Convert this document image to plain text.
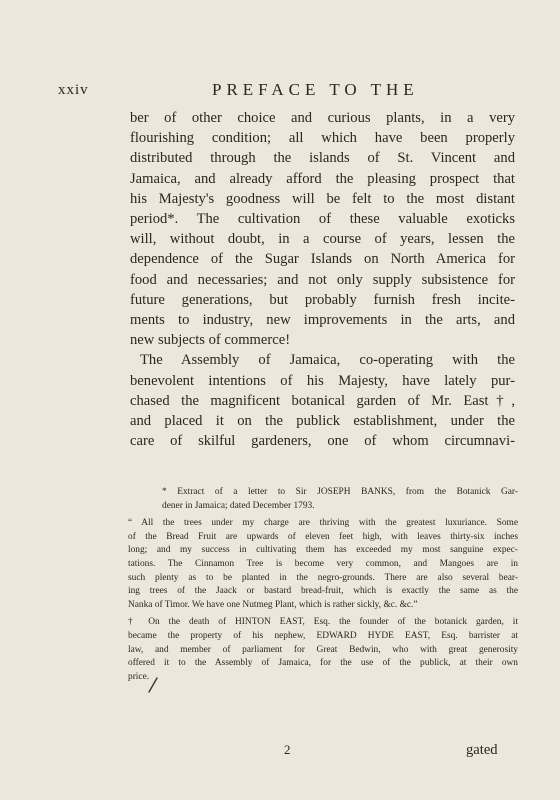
xxiv	PREFACE TO THE
ber of other choice and curious plants, in a very
flourishing condition; all which have been properly
distributed through the islands of St. Vincent and
Jamaica, and already afford the pleasing prospect that
his Majesty's goodness will be felt to the most distant
period*. The cultivation of these valuable exoticks
will, without doubt, in a course of years, lessen the
dependence of the Sugar Islands on North America for
food and necessaries; and not only supply subsistence for
future generations, but probably furnish fresh incite-
ments to industry, new improvements in the arts, and
new subjects of commerce!
The Assembly of Jamaica, co-operating with the
benevolent intentions of his Majesty, have lately pur-
chased the magnificent botanical garden of Mr. East†,
and placed it on the publick establishment, under the
care of skilful gardeners, one of whom circumnavi-
* Extract of a letter to Sir JOSEPH BANKS, from the Botanick Gar-
dener in Jamaica; dated December 1793.
“ All the trees under my charge are thriving with the greatest luxuriance. Some
of the Bread Fruit are upwards of eleven feet high, with leaves thirty-six inches
long; and my success in cultivating them has exceeded my most sanguine expec-
tations. The Cinnamon Tree is become very common, and Mangoes are in
such plenty as to be planted in the negro-grounds. There are also several bear-
ing trees of the Jaack or bastard bread-fruit, which is exactly the same as the
Nanka of Timor. We have one Nutmeg Plant, which is rather sickly, &c. &c.”
† On the death of HINTON EAST, Esq. the founder of the botanick garden, it
became the property of his nephew, EDWARD HYDE EAST, Esq. barrister at
law, and member of parliament for Great Bedwin, who with great generosity
offered it to the Assembly of Jamaica, for the use of the publick, at their own
price.
2	gated
